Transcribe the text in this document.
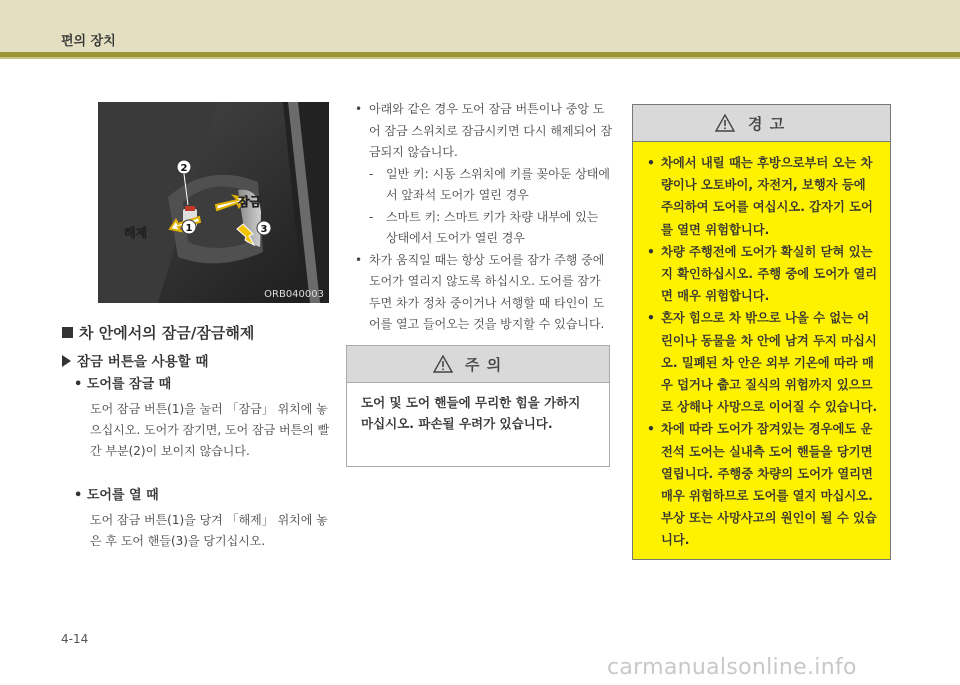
편의 장치
2
1	3
해제
잠금
ORB040003
차 안에서의 잠금/잠금해제
잠금 버튼을 사용할 때
• 도어를 잠글 때
도어 잠금 버튼(1)을 눌러 「잠금」 위치에 놓으십시오. 도어가 잠기면, 도어 잠금 버튼의 빨간 부분(2)이 보이지 않습니다.
• 도어를 열 때
도어 잠금 버튼(1)을 당겨 「해제」 위치에 놓은 후 도어 핸들(3)을 당기십시오.
• 아래와 같은 경우 도어 잠금 버튼이나 중앙 도어 잠금 스위치로 잠금시키면 다시 해제되어 잠금되지 않습니다.
- 일반 키: 시동 스위치에 키를 꽂아둔 상태에서 앞좌석 도어가 열린 경우
- 스마트 키: 스마트 키가 차량 내부에 있는 상태에서 도어가 열린 경우
• 차가 움직일 때는 항상 도어를 잠가 주행 중에 도어가 열리지 않도록 하십시오. 도어를 잠가 두면 차가 정차 중이거나 서행할 때 타인이 도어를 열고 들어오는 것을 방지할 수 있습니다.
주 의
도어 및 도어 핸들에 무리한 힘을 가하지 마십시오. 파손될 우려가 있습니다.
경 고
• 차에서 내릴 때는 후방으로부터 오는 차량이나 오토바이, 자전거, 보행자 등에 주의하여 도어를 여십시오. 갑자기 도어를 열면 위험합니다.
• 차량 주행전에 도어가 확실히 닫혀 있는지 확인하십시오. 주행 중에 도어가 열리면 매우 위험합니다.
• 혼자 힘으로 차 밖으로 나올 수 없는 어린이나 동물을 차 안에 남겨 두지 마십시오. 밀폐된 차 안은 외부 기온에 따라 매우 덥거나 춥고 질식의 위험까지 있으므로 상해나 사망으로 이어질 수 있습니다.
• 차에 따라 도어가 잠겨있는 경우에도 운전석 도어는 실내측 도어 핸들을 당기면 열립니다. 주행중 차량의 도어가 열리면 매우 위험하므로 도어를 열지 마십시오. 부상 또는 사망사고의 원인이 될 수 있습니다.
4-14
carmanualsonline.info
